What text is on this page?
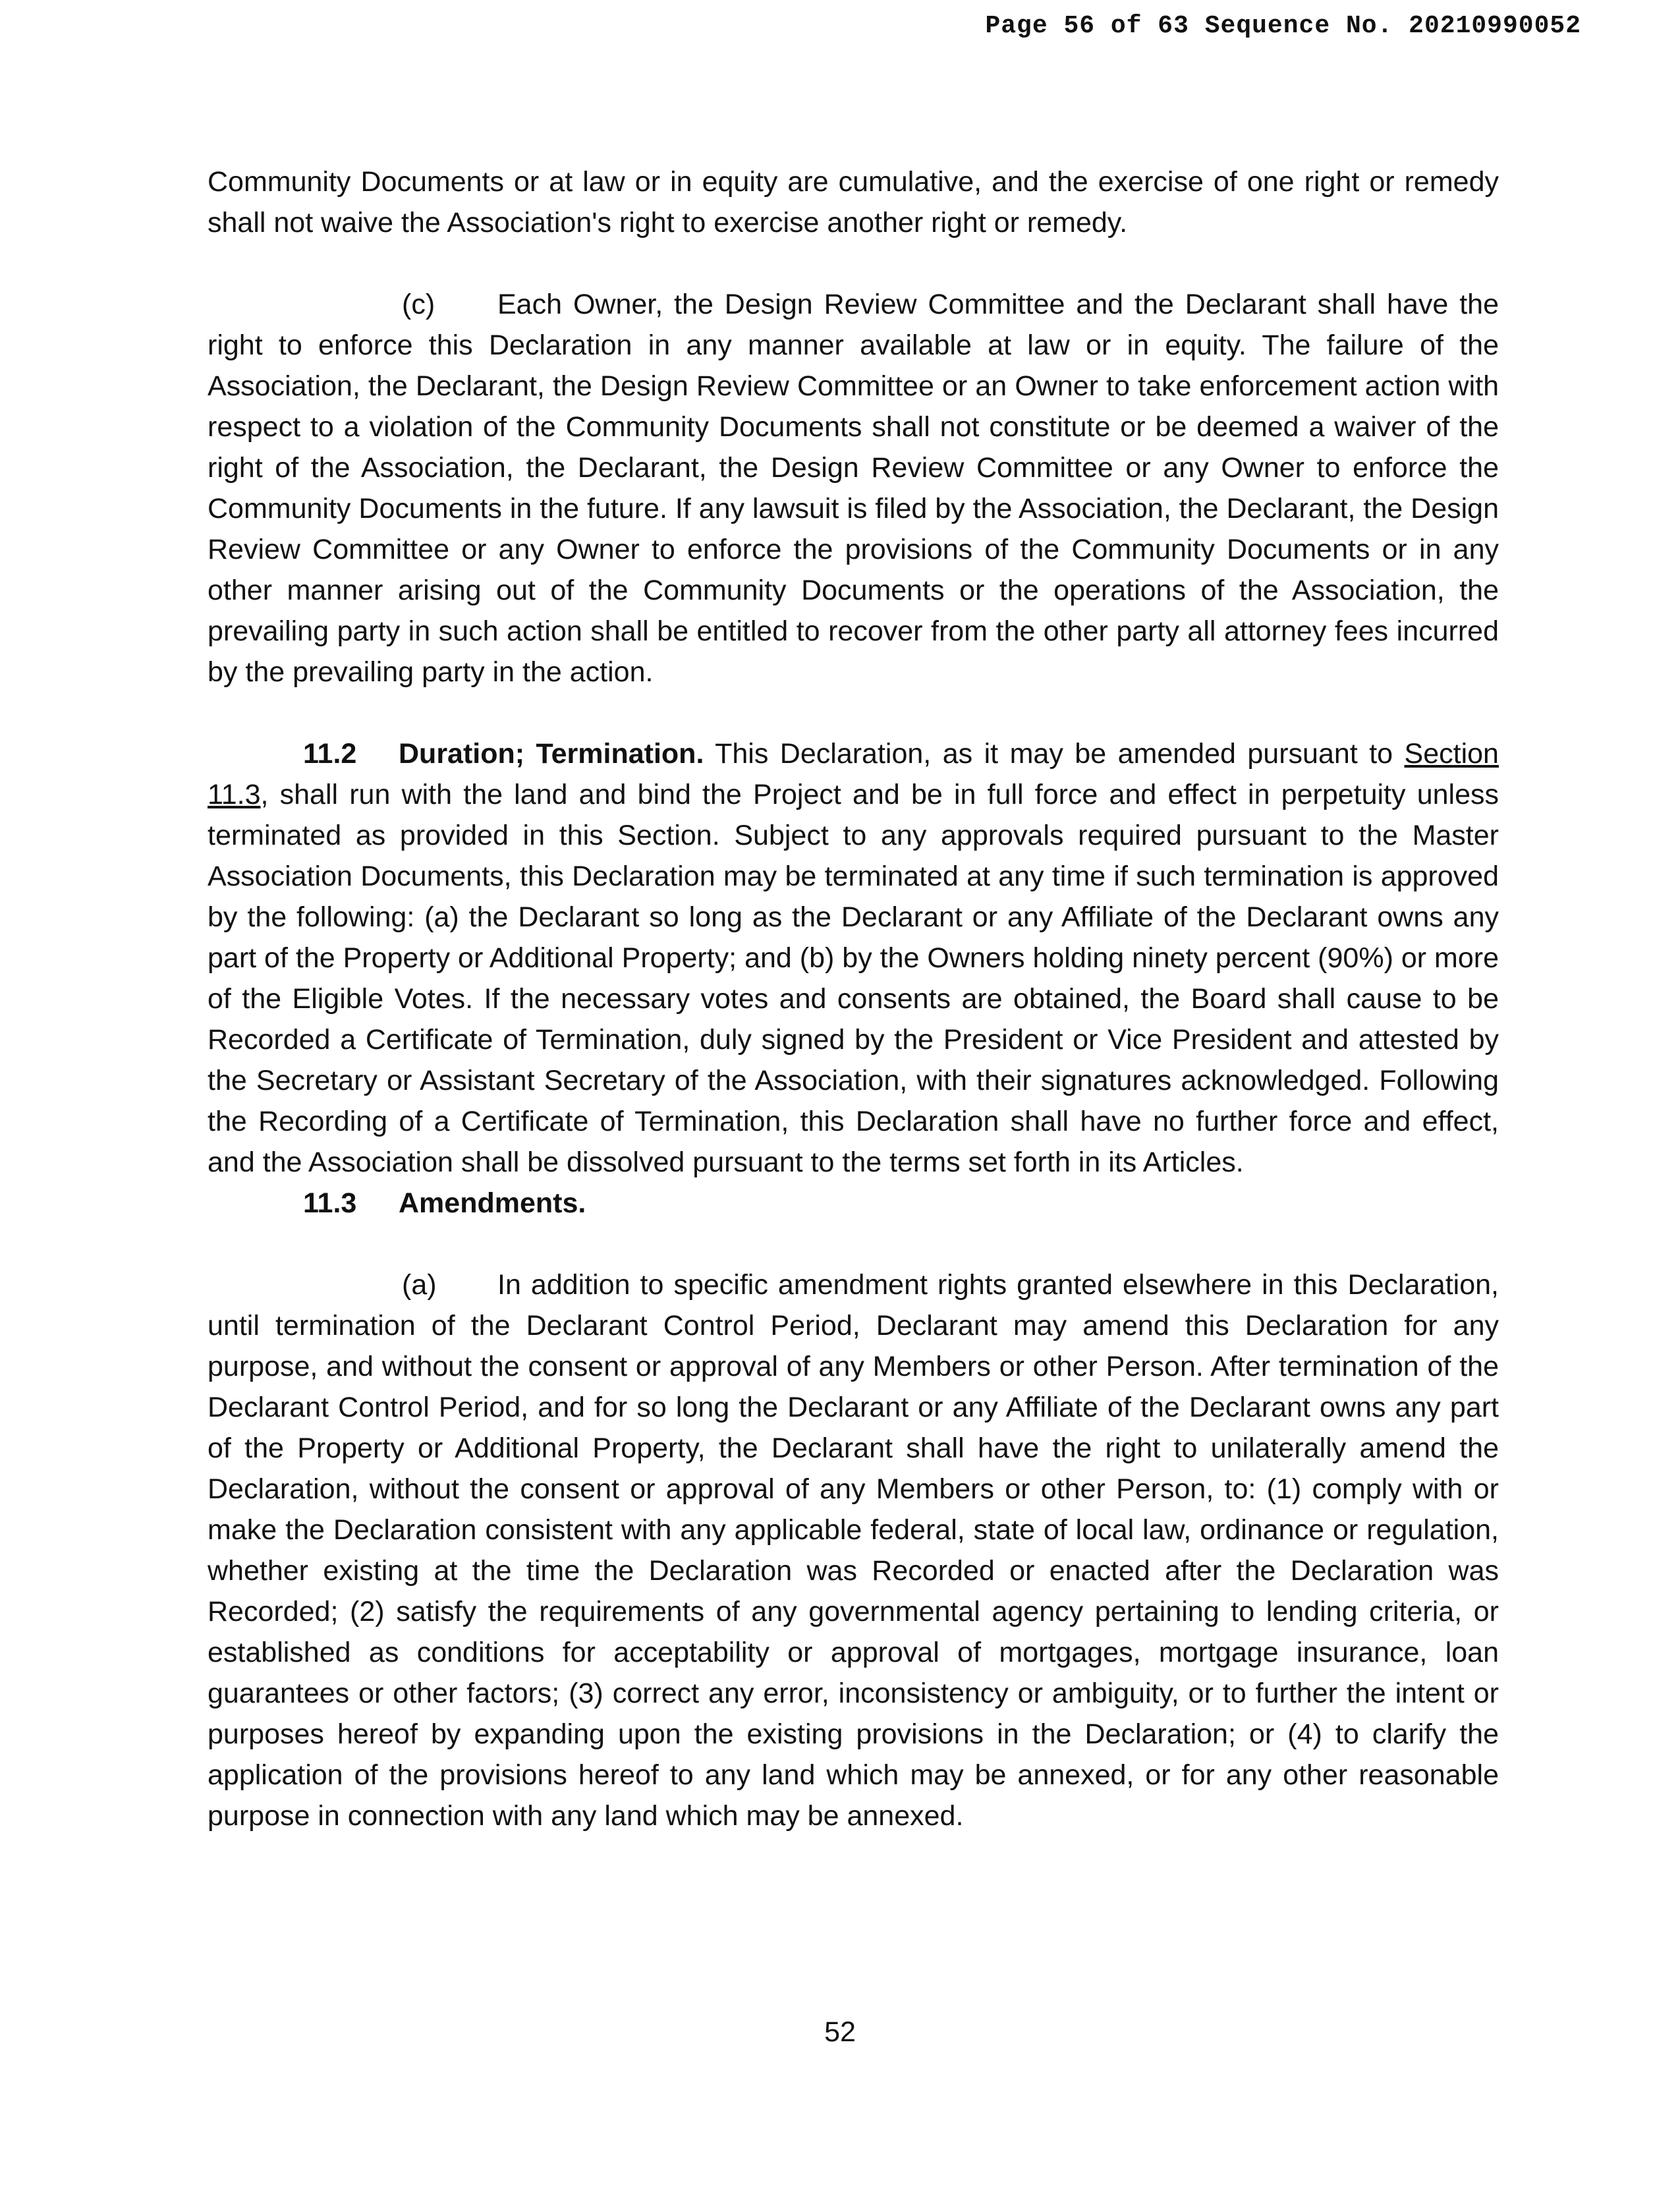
Page 56 of 63 Sequence No. 20210990052

Community Documents or at law or in equity are cumulative, and the exercise of one right or remedy shall not waive the Association's right to exercise another right or remedy.

(c) Each Owner, the Design Review Committee and the Declarant shall have the right to enforce this Declaration in any manner available at law or in equity. The failure of the Association, the Declarant, the Design Review Committee or an Owner to take enforcement action with respect to a violation of the Community Documents shall not constitute or be deemed a waiver of the right of the Association, the Declarant, the Design Review Committee or any Owner to enforce the Community Documents in the future. If any lawsuit is filed by the Association, the Declarant, the Design Review Committee or any Owner to enforce the provisions of the Community Documents or in any other manner arising out of the Community Documents or the operations of the Association, the prevailing party in such action shall be entitled to recover from the other party all attorney fees incurred by the prevailing party in the action.

11.2 Duration; Termination. This Declaration, as it may be amended pursuant to Section 11.3, shall run with the land and bind the Project and be in full force and effect in perpetuity unless terminated as provided in this Section. Subject to any approvals required pursuant to the Master Association Documents, this Declaration may be terminated at any time if such termination is approved by the following: (a) the Declarant so long as the Declarant or any Affiliate of the Declarant owns any part of the Property or Additional Property; and (b) by the Owners holding ninety percent (90%) or more of the Eligible Votes. If the necessary votes and consents are obtained, the Board shall cause to be Recorded a Certificate of Termination, duly signed by the President or Vice President and attested by the Secretary or Assistant Secretary of the Association, with their signatures acknowledged. Following the Recording of a Certificate of Termination, this Declaration shall have no further force and effect, and the Association shall be dissolved pursuant to the terms set forth in its Articles.

11.3 Amendments.

(a) In addition to specific amendment rights granted elsewhere in this Declaration, until termination of the Declarant Control Period, Declarant may amend this Declaration for any purpose, and without the consent or approval of any Members or other Person. After termination of the Declarant Control Period, and for so long the Declarant or any Affiliate of the Declarant owns any part of the Property or Additional Property, the Declarant shall have the right to unilaterally amend the Declaration, without the consent or approval of any Members or other Person, to: (1) comply with or make the Declaration consistent with any applicable federal, state of local law, ordinance or regulation, whether existing at the time the Declaration was Recorded or enacted after the Declaration was Recorded; (2) satisfy the requirements of any governmental agency pertaining to lending criteria, or established as conditions for acceptability or approval of mortgages, mortgage insurance, loan guarantees or other factors; (3) correct any error, inconsistency or ambiguity, or to further the intent or purposes hereof by expanding upon the existing provisions in the Declaration; or (4) to clarify the application of the provisions hereof to any land which may be annexed, or for any other reasonable purpose in connection with any land which may be annexed.

52
